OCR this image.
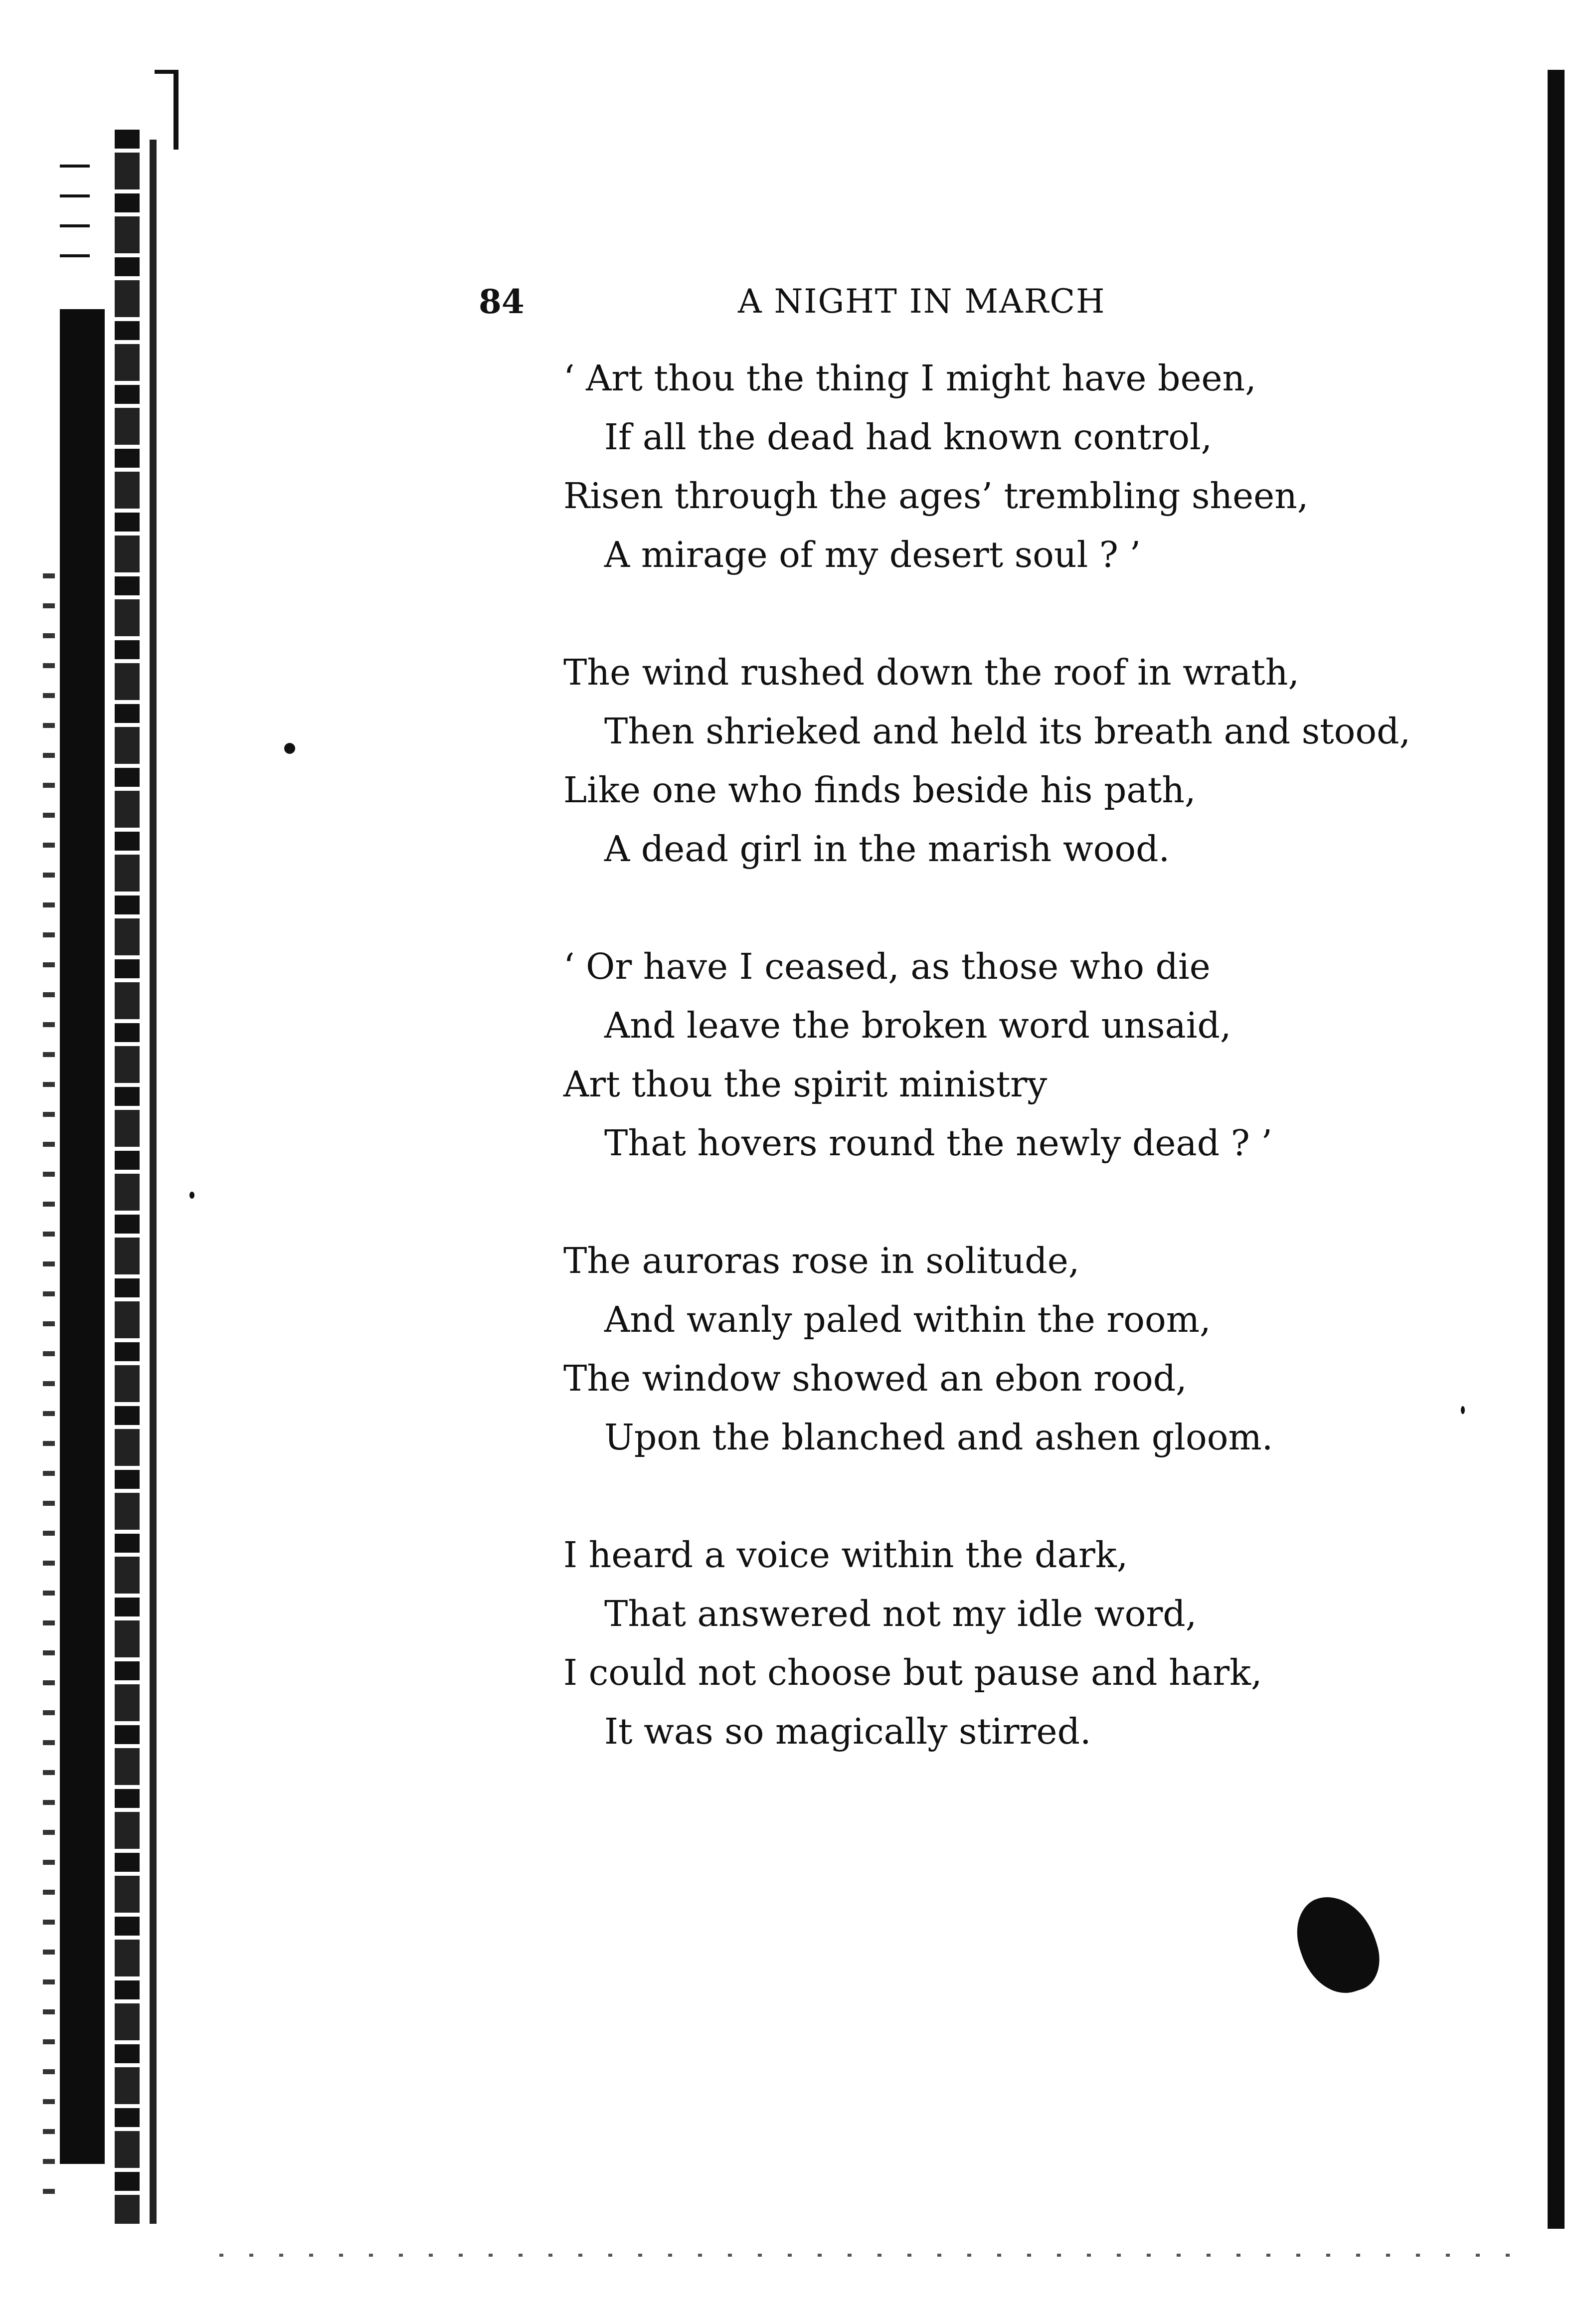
84	A NIGHT IN MARCH
‘ Art thou the thing I might have been,
If all the dead had known control,
Risen through the ages’ trembling sheen,
A mirage of my desert soul ? ’
The wind rushed down the roof in wrath,
Then shrieked and held its breath and stood,
Like one who finds beside his path,
A dead girl in the marish wood.
‘ Or have I ceased, as those who die
And leave the broken word unsaid,
Art thou the spirit ministry
That hovers round the newly dead ? ’
The auroras rose in solitude,
And wanly paled within the room,
The window showed an ebon rood,
Upon the blanched and ashen gloom.
I heard a voice within the dark,
That answered not my idle word,
I could not choose but pause and hark,
It was so magically stirred.
